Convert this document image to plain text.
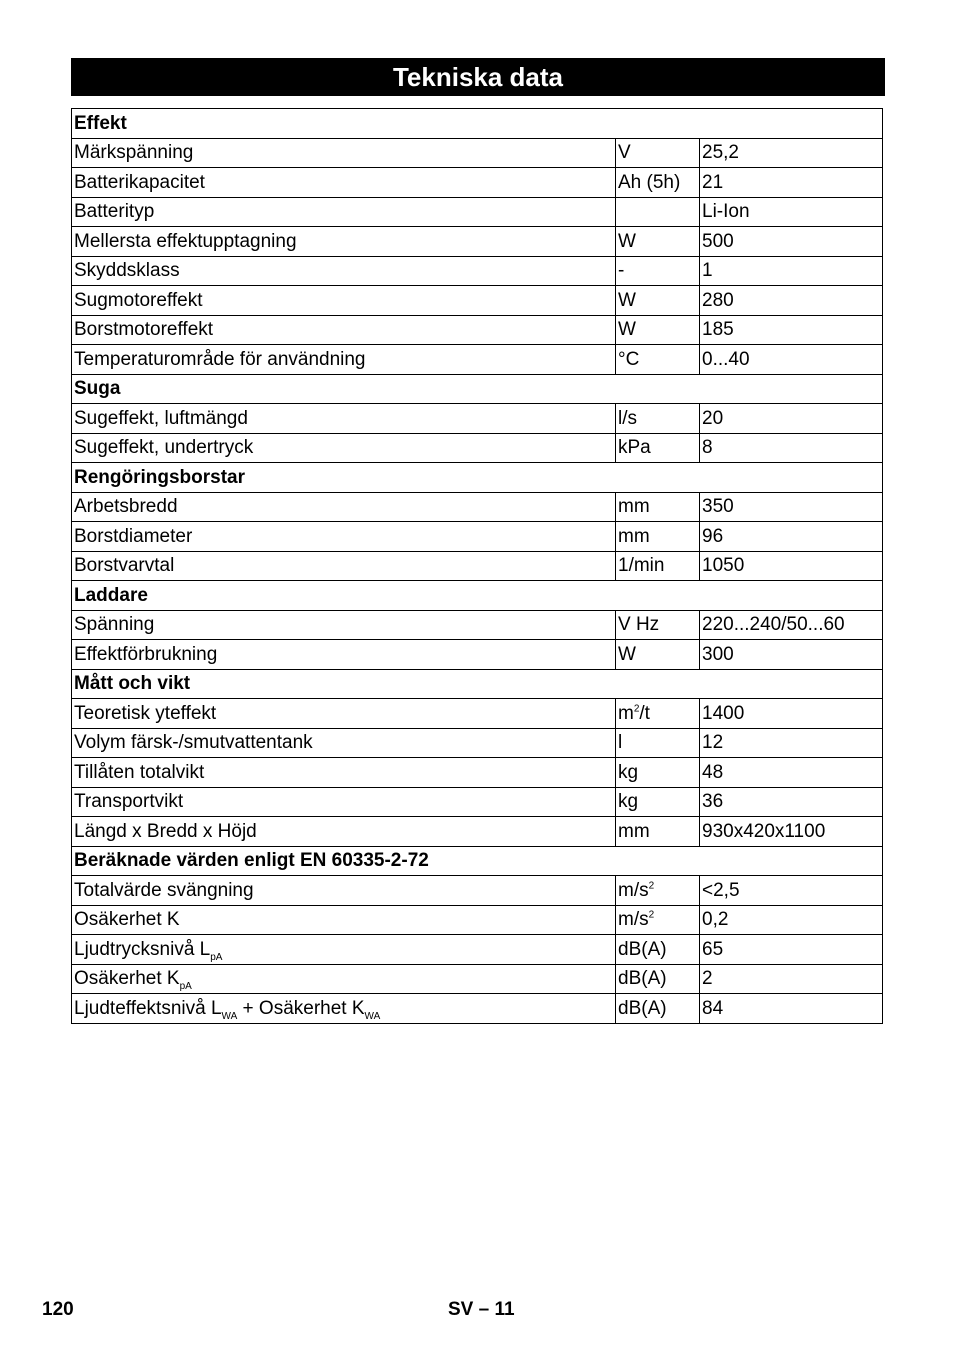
Tekniska data
Effekt		
Märkspänning	V	25,2
Batterikapacitet	Ah (5h)	21
Batterityp		Li-Ion
Mellersta effektupptagning	W	500
Skyddsklass	-	1
Sugmotoreffekt	W	280
Borstmotoreffekt	W	185
Temperaturområde för användning	°C	0...40
Suga		
Sugeffekt, luftmängd	l/s	20
Sugeffekt, undertryck	kPa	8
Rengöringsborstar		
Arbetsbredd	mm	350
Borstdiameter	mm	96
Borstvarvtal	1/min	1050
Laddare		
Spänning	V Hz	220...240/50...60
Effektförbrukning	W	300
Mått och vikt		
Teoretisk yteffekt	$m^2/t$	1400
Volym färsk-/smutvattentank	l	12
Tillåten totalvikt	kg	48
Transportvikt	kg	36
Längd x Bredd x Höjd	mm	930x420x1100
Beräknade värden enligt EN 60335-2-72		
Totalvärde svängning	$m/s^2$	<2,5
Osäkerhet K	$m/s^2$	0,2
Ljudtrycksnivå $L_{pA}$	dB(A)	65
Osäkerhet $K_{pA}$	dB(A)	2
Ljudteffektsnivå $L_{WA}$ + Osäkerhet $K_{WA}$	dB(A)	84
120	SV – 11
